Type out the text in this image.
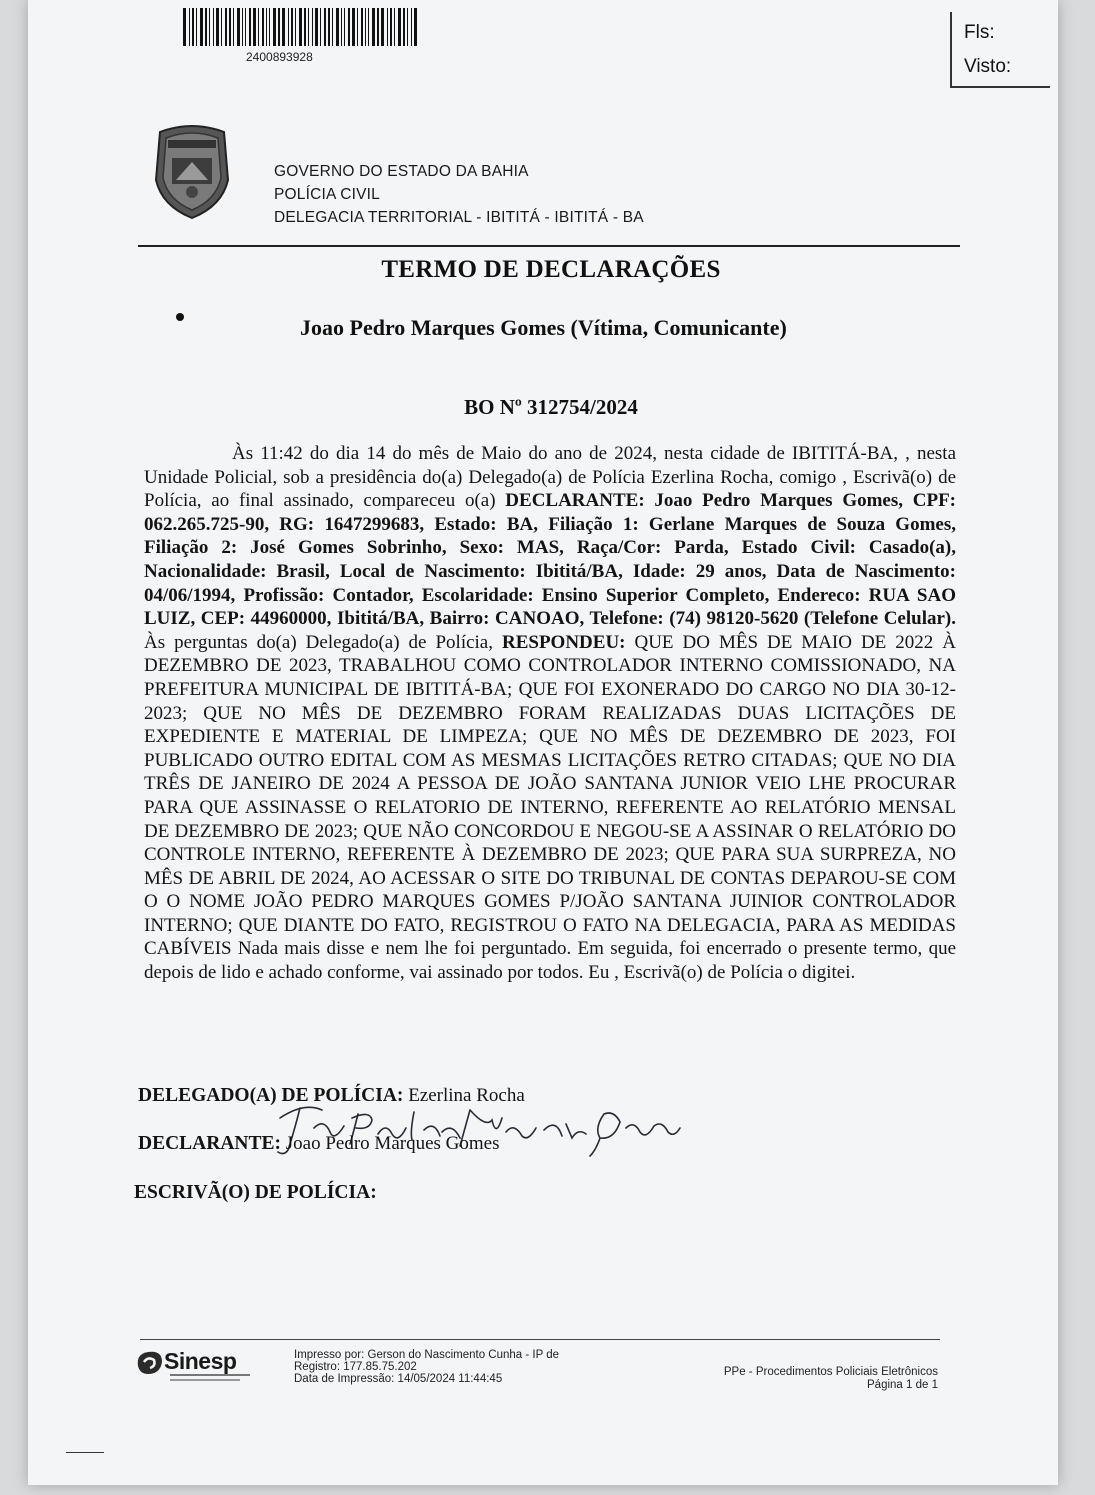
2400893928
Fls:
Visto:
GOVERNO DO ESTADO DA BAHIA
POLÍCIA CIVIL
DELEGACIA TERRITORIAL - IBITITÁ - IBITITÁ - BA
TERMO DE DECLARAÇÕES
Joao Pedro Marques Gomes (Vítima, Comunicante)
BO Nº 312754/2024

Às 11:42 do dia 14 do mês de Maio do ano de 2024, nesta cidade de IBITITÁ-BA, , nesta Unidade Policial, sob a presidência do(a) Delegado(a) de Polícia Ezerlina Rocha, comigo , Escrivã(o) de Polícia, ao final assinado, compareceu o(a) DECLARANTE: Joao Pedro Marques Gomes, CPF: 062.265.725-90, RG: 1647299683, Estado: BA, Filiação 1: Gerlane Marques de Souza Gomes, Filiação 2: José Gomes Sobrinho, Sexo: MAS, Raça/Cor: Parda, Estado Civil: Casado(a), Nacionalidade: Brasil, Local de Nascimento: Ibititá/BA, Idade: 29 anos, Data de Nascimento: 04/06/1994, Profissão: Contador, Escolaridade: Ensino Superior Completo, Endereco: RUA SAO LUIZ, CEP: 44960000, Ibititá/BA, Bairro: CANOAO, Telefone: (74) 98120-5620 (Telefone Celular). Às perguntas do(a) Delegado(a) de Polícia, RESPONDEU: QUE DO MÊS DE MAIO DE 2022 À DEZEMBRO DE 2023, TRABALHOU COMO CONTROLADOR INTERNO COMISSIONADO, NA PREFEITURA MUNICIPAL DE IBITITÁ-BA; QUE FOI EXONERADO DO CARGO NO DIA 30-12-2023; QUE NO MÊS DE DEZEMBRO FORAM REALIZADAS DUAS LICITAÇÕES DE EXPEDIENTE E MATERIAL DE LIMPEZA; QUE NO MÊS DE DEZEMBRO DE 2023, FOI PUBLICADO OUTRO EDITAL COM AS MESMAS LICITAÇÕES RETRO CITADAS; QUE NO DIA TRÊS DE JANEIRO DE 2024 A PESSOA DE JOÃO SANTANA JUNIOR VEIO LHE PROCURAR PARA QUE ASSINASSE O RELATORIO DE INTERNO, REFERENTE AO RELATÓRIO MENSAL DE DEZEMBRO DE 2023; QUE NÃO CONCORDOU E NEGOU-SE A ASSINAR O RELATÓRIO DO CONTROLE INTERNO, REFERENTE À DEZEMBRO DE 2023; QUE PARA SUA SURPREZA, NO MÊS DE ABRIL DE 2024, AO ACESSAR O SITE DO TRIBUNAL DE CONTAS DEPAROU-SE COM O O NOME JOÃO PEDRO MARQUES GOMES P/JOÃO SANTANA JUINIOR CONTROLADOR INTERNO; QUE DIANTE DO FATO, REGISTROU O FATO NA DELEGACIA, PARA AS MEDIDAS CABÍVEIS Nada mais disse e nem lhe foi perguntado. Em seguida, foi encerrado o presente termo, que depois de lido e achado conforme, vai assinado por todos. Eu , Escrivã(o) de Polícia o digitei.

DELEGADO(A) DE POLÍCIA: Ezerlina Rocha
DECLARANTE: Joao Pedro Marques Gomes
ESCRIVÃ(O) DE POLÍCIA:
Sinesp	Impresso por: Gerson do Nascimento Cunha - IP de
Registro: 177.85.75.202
Data de Impressão: 14/05/2024 11:44:45
PPe - Procedimentos Policiais Eletrônicos
Página 1 de 1
